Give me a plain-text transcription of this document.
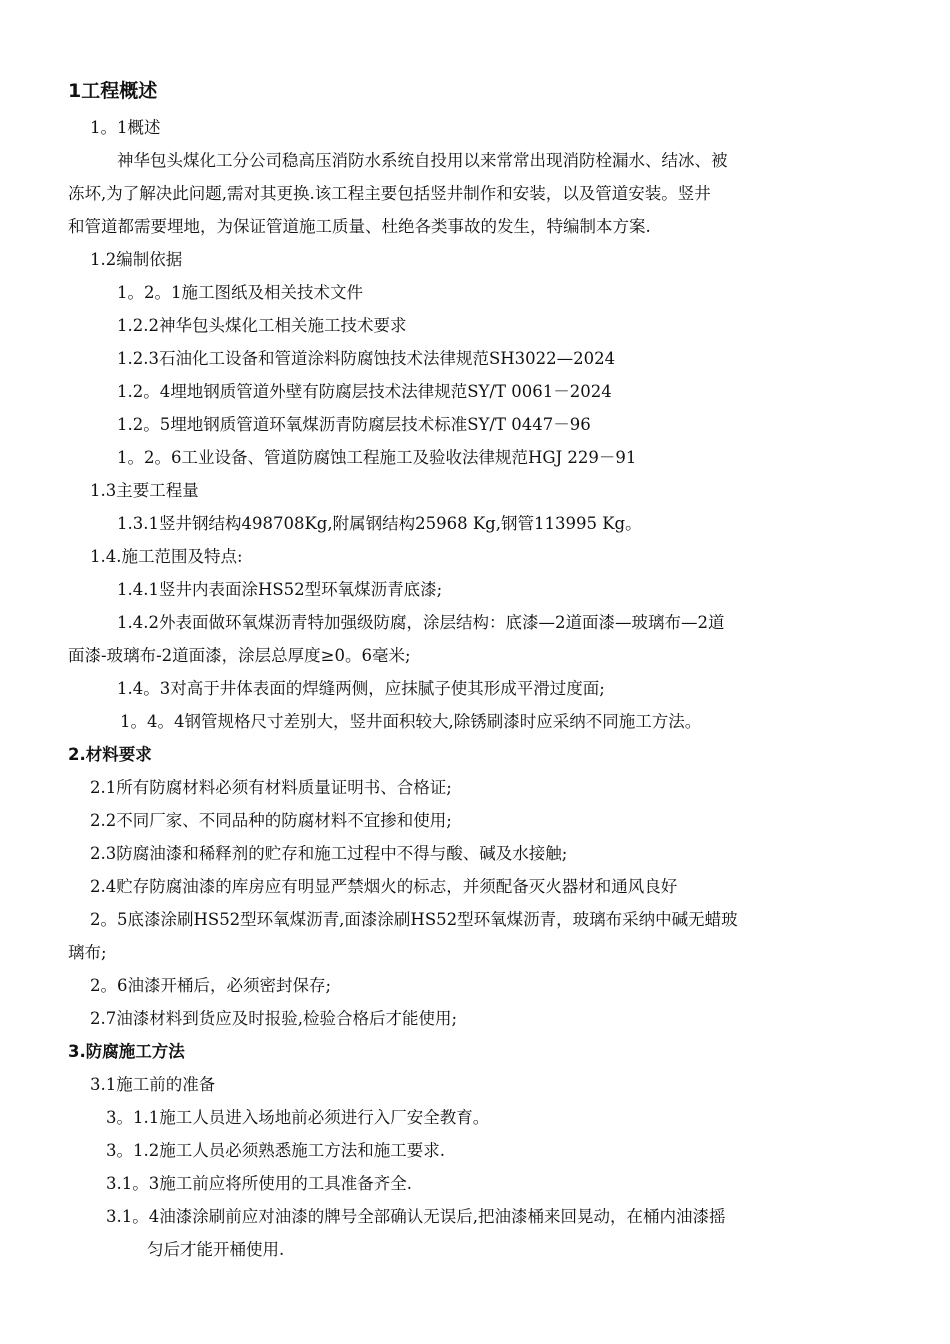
1工程概述
1。1概述
神华包头煤化工分公司稳高压消防水系统自投用以来常常出现消防栓漏水、结冰、被
冻坏,为了解决此问题,需对其更换.该工程主要包括竖井制作和安装，以及管道安装。竖井
和管道都需要埋地，为保证管道施工质量、杜绝各类事故的发生，特编制本方案.
1.2编制依据
1。2。1施工图纸及相关技术文件
1.2.2神华包头煤化工相关施工技术要求
1.2.3石油化工设备和管道涂料防腐蚀技术法律规范SH3022—2024
1.2。4埋地钢质管道外壁有防腐层技术法律规范SY/T 0061－2024
1.2。5埋地钢质管道环氧煤沥青防腐层技术标准SY/T 0447－96
1。2。6工业设备、管道防腐蚀工程施工及验收法律规范HGJ 229－91
1.3主要工程量
1.3.1竖井钢结构498708Kg,附属钢结构25968 Kg,钢管113995 Kg。
1.4.施工范围及特点:
1.4.1竖井内表面涂HS52型环氧煤沥青底漆;
1.4.2外表面做环氧煤沥青特加强级防腐，涂层结构：底漆—2道面漆—玻璃布—2道
面漆-玻璃布-2道面漆，涂层总厚度≥0。6毫米;
1.4。3对高于井体表面的焊缝两侧，应抹腻子使其形成平滑过度面;
1。4。4钢管规格尺寸差别大，竖井面积较大,除锈刷漆时应采纳不同施工方法。
2.材料要求
2.1所有防腐材料必须有材料质量证明书、合格证;
2.2不同厂家、不同品种的防腐材料不宜掺和使用;
2.3防腐油漆和稀释剂的贮存和施工过程中不得与酸、碱及水接触;
2.4贮存防腐油漆的库房应有明显严禁烟火的标志，并须配备灭火器材和通风良好
2。5底漆涂刷HS52型环氧煤沥青,面漆涂刷HS52型环氧煤沥青，玻璃布采纳中碱无蜡玻
璃布;
2。6油漆开桶后，必须密封保存;
2.7油漆材料到货应及时报验,检验合格后才能使用;
3.防腐施工方法
3.1施工前的准备
3。1.1施工人员进入场地前必须进行入厂安全教育。
3。1.2施工人员必须熟悉施工方法和施工要求.
3.1。3施工前应将所使用的工具准备齐全.
3.1。4油漆涂刷前应对油漆的牌号全部确认无误后,把油漆桶来回晃动，在桶内油漆摇
匀后才能开桶使用.
